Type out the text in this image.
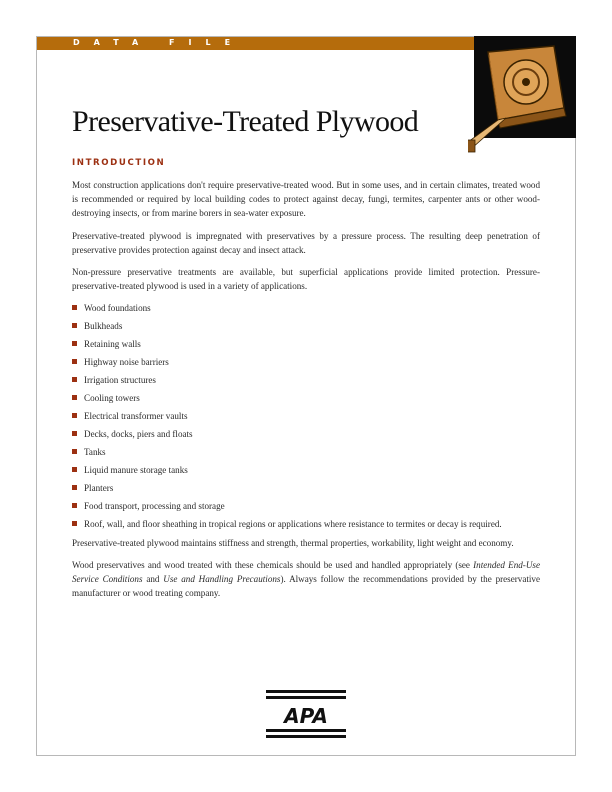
DATA FILE
Preservative-Treated Plywood
INTRODUCTION

Most construction applications don't require preservative-treated wood. But in some uses, and in certain climates, treated wood is recommended or required by local building codes to protect against decay, fungi, termites, carpenter ants or other wood-destroying insects, or from marine borers in sea-water exposure.

Preservative-treated plywood is impregnated with preservatives by a pressure process. The resulting deep penetration of preservative provides protection against decay and insect attack.

Non-pressure preservative treatments are available, but superficial applications provide limited protection. Pressure-preservative-treated plywood is used in a variety of applications.

Wood foundations
Bulkheads
Retaining walls
Highway noise barriers
Irrigation structures
Cooling towers
Electrical transformer vaults
Decks, docks, piers and floats
Tanks
Liquid manure storage tanks
Planters
Food transport, processing and storage
Roof, wall, and floor sheathing in tropical regions or applications where resistance to termites or decay is required.

Preservative-treated plywood maintains stiffness and strength, thermal properties, workability, light weight and economy.

Wood preservatives and wood treated with these chemicals should be used and handled appropriately (see Intended End-Use Service Conditions and Use and Handling Precautions). Always follow the recommendations provided by the preservative manufacturer or wood treating company.

APA
